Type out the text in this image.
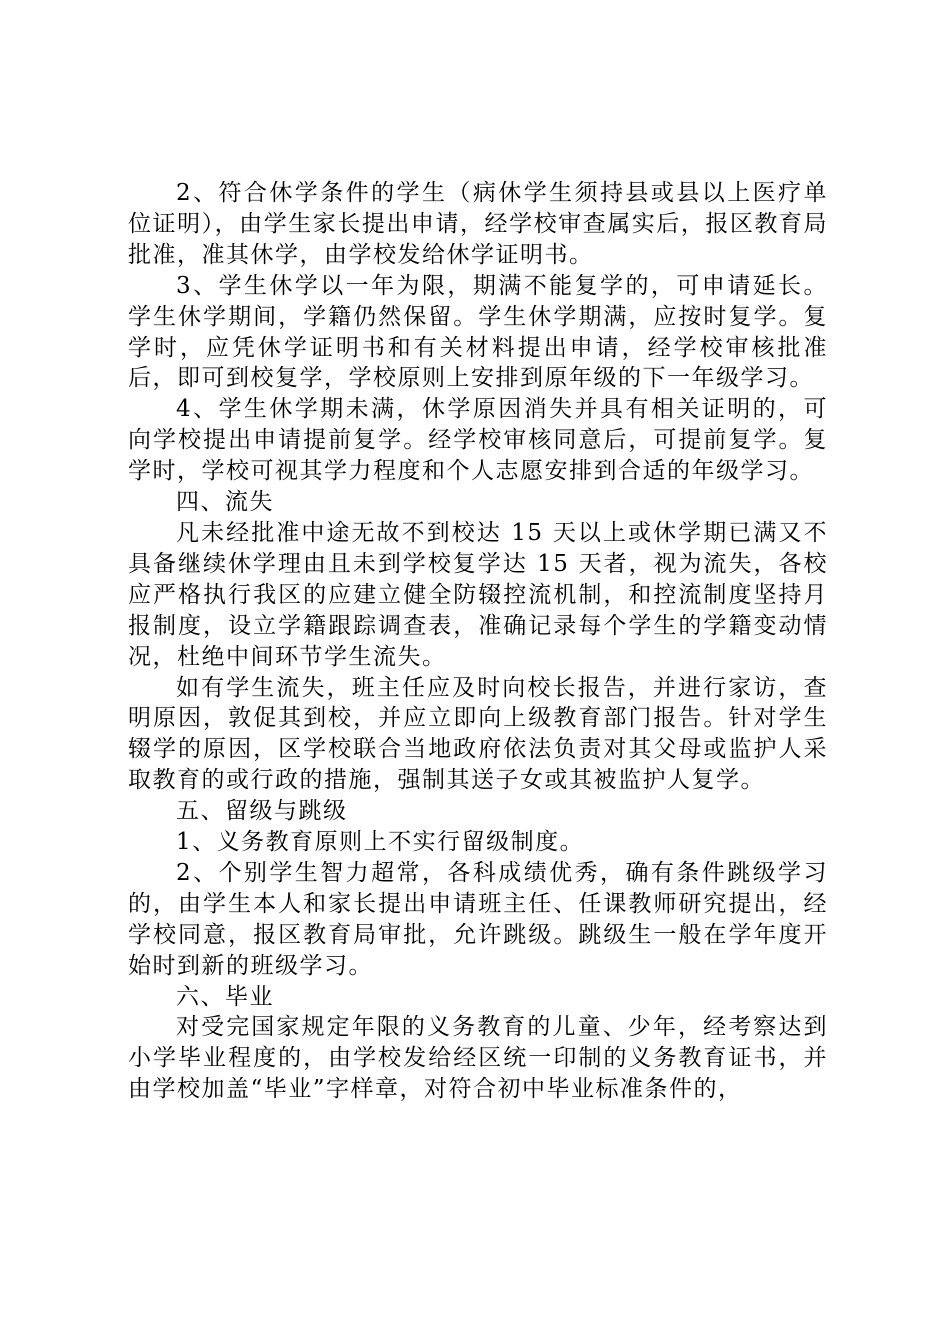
2、符合休学条件的学生（病休学生须持县或县以上医疗单位证明），由学生家长提出申请，经学校审查属实后，报区教育局批准，准其休学，由学校发给休学证明书。

3、学生休学以一年为限，期满不能复学的，可申请延长。学生休学期间，学籍仍然保留。学生休学期满，应按时复学。复学时，应凭休学证明书和有关材料提出申请，经学校审核批准后，即可到校复学，学校原则上安排到原年级的下一年级学习。

4、学生休学期未满，休学原因消失并具有相关证明的，可向学校提出申请提前复学。经学校审核同意后，可提前复学。复学时，学校可视其学力程度和个人志愿安排到合适的年级学习。

四、流失

凡未经批准中途无故不到校达 15 天以上或休学期已满又不具备继续休学理由且未到学校复学达 15 天者，视为流失，各校应严格执行我区的应建立健全防辍控流机制，和控流制度坚持月报制度，设立学籍跟踪调查表，准确记录每个学生的学籍变动情况，杜绝中间环节学生流失。

如有学生流失，班主任应及时向校长报告，并进行家访，查明原因，敦促其到校，并应立即向上级教育部门报告。针对学生辍学的原因，区学校联合当地政府依法负责对其父母或监护人采取教育的或行政的措施，强制其送子女或其被监护人复学。

五、留级与跳级

1、义务教育原则上不实行留级制度。

2、个别学生智力超常，各科成绩优秀，确有条件跳级学习的，由学生本人和家长提出申请班主任、任课教师研究提出，经学校同意，报区教育局审批，允许跳级。跳级生一般在学年度开始时到新的班级学习。

六、毕业

对受完国家规定年限的义务教育的儿童、少年，经考察达到小学毕业程度的，由学校发给经区统一印制的义务教育证书，并由学校加盖“毕业”字样章，对符合初中毕业标准条件的，
